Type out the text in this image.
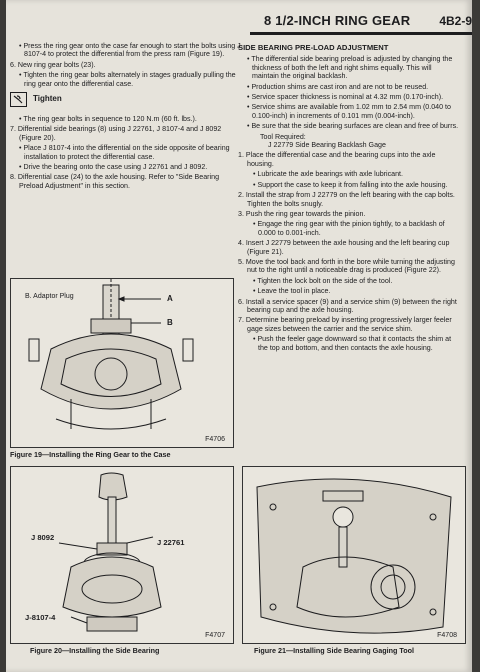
8 1/2-INCH RING GEAR 4B2-9

• Press the ring gear onto the case far enough to start the bolts using J 8107-4 to protect the differential from the press ram (Figure 19).

6. New ring gear bolts (23).

• Tighten the ring gear bolts alternately in stages gradually pulling the ring gear onto the differential case.

Tighten

• The ring gear bolts in sequence to 120 N.m (60 ft. lbs.).

7. Differential side bearings (8) using J 22761, J 8107-4 and J 8092 (Figure 20).

• Place J 8107-4 into the differential on the side opposite of bearing installation to protect the differential case.

• Drive the bearing onto the case using J 22761 and J 8092.

8. Differential case (24) to the axle housing. Refer to "Side Bearing Preload Adjustment" in this section.

SIDE BEARING PRE-LOAD ADJUSTMENT

• The differential side bearing preload is adjusted by changing the thickness of both the left and right shims equally. This will maintain the original backlash.

• Production shims are cast iron and are not to be reused.

• Service spacer thickness is nominal at 4.32 mm (0.170-inch).

• Service shims are available from 1.02 mm to 2.54 mm (0.040 to 0.100-inch) in increments of 0.101 mm (0.004-inch).

• Be sure that the side bearing surfaces are clean and free of burrs.

Tool Required:

J 22779 Side Bearing Backlash Gage

1. Place the differential case and the bearing cups into the axle housing.

• Lubricate the axle bearings with axle lubricant.

• Support the case to keep it from falling into the axle housing.

2. Install the strap from J 22779 on the left bearing with the cap bolts. Tighten the bolts snugly.

3. Push the ring gear towards the pinion.

• Engage the ring gear with the pinion tightly, to a backlash of 0.000 to 0.001-inch.

4. Insert J 22779 between the axle housing and the left bearing cup (Figure 21).

5. Move the tool back and forth in the bore while turning the adjusting nut to the right until a noticeable drag is produced (Figure 22).

• Tighten the lock bolt on the side of the tool.

• Leave the tool in place.

6. Install a service spacer (9) and a service shim (9) between the right bearing cup and the axle housing.

7. Determine bearing preload by inserting progressively larger feeler gage sizes between the carrier and the service shim.

• Push the feeler gage downward so that it contacts the shim at the top and bottom, and then contacts the axle housing.

B. Adaptor Plug	A
B
F4706
Figure 19—Installing the Ring Gear to the Case
J 8092
J 22761
J-8107-4
F4707
Figure 20—Installing the Side Bearing
F4708
Figure 21—Installing Side Bearing Gaging Tool
